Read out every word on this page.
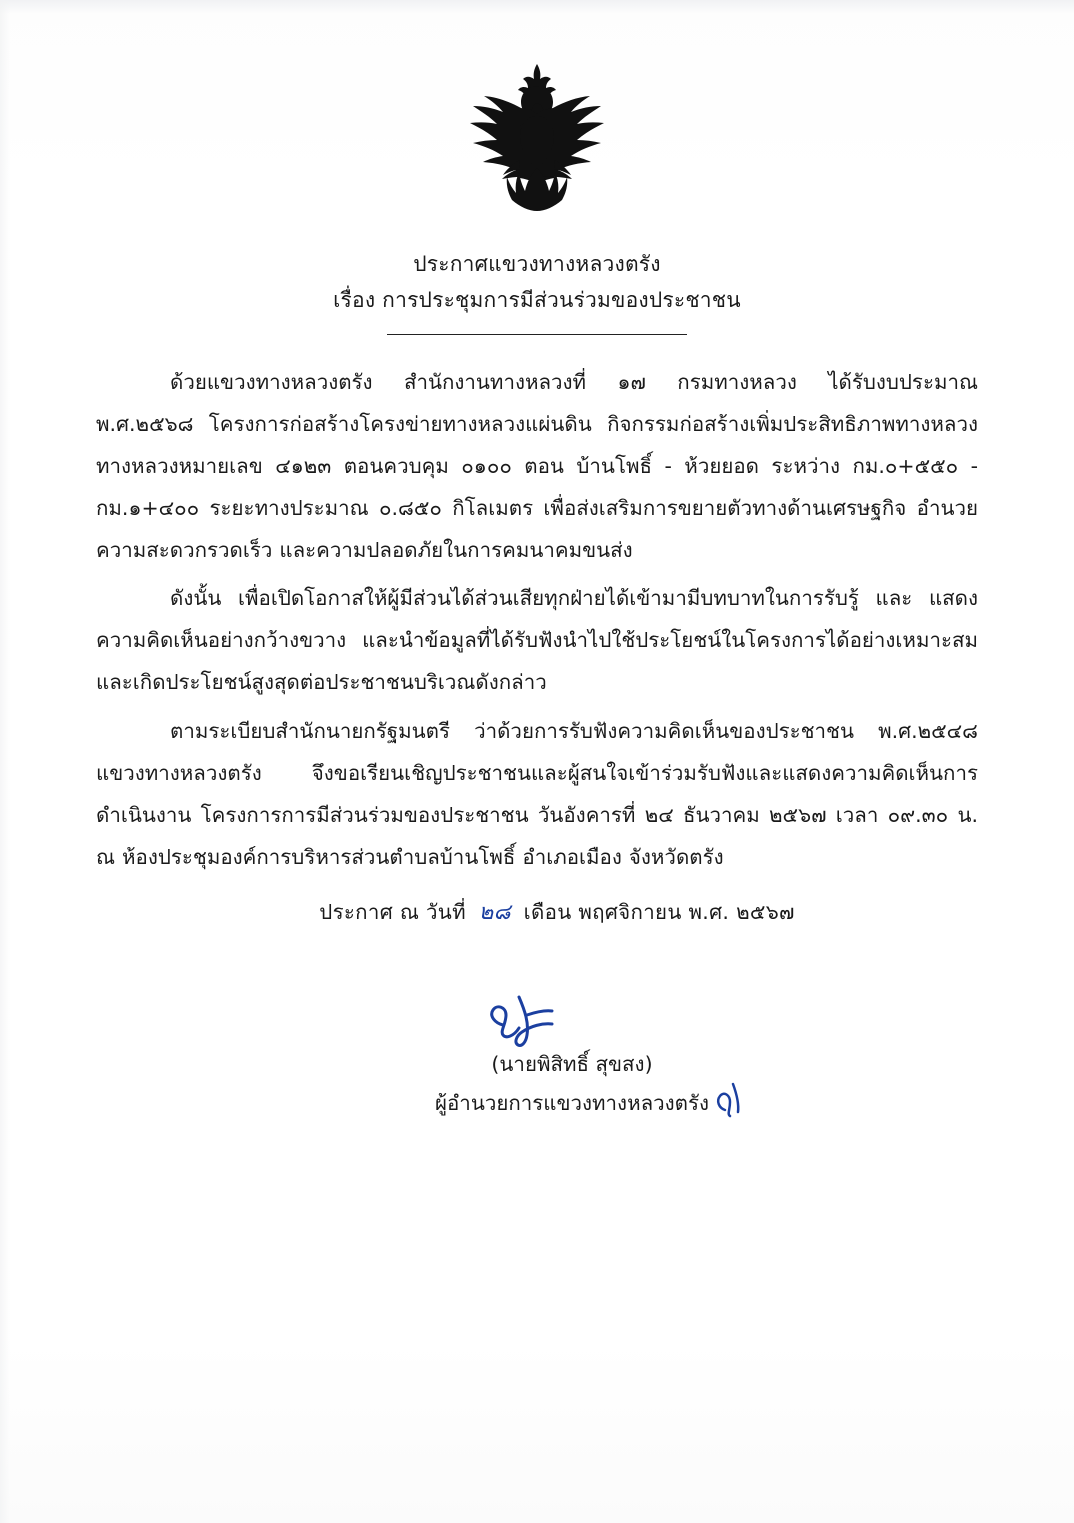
ประกาศแขวงทางหลวงตรัง
เรื่อง การประชุมการมีส่วนร่วมของประชาชน

ด้วยแขวงทางหลวงตรัง สำนักงานทางหลวงที่ ๑๗ กรมทางหลวง ได้รับงบประมาณ พ.ศ.๒๕๖๘ โครงการก่อสร้างโครงข่ายทางหลวงแผ่นดิน กิจกรรมก่อสร้างเพิ่มประสิทธิภาพทางหลวง ทางหลวงหมายเลข ๔๑๒๓ ตอนควบคุม ๐๑๐๐ ตอน บ้านโพธิ์ - ห้วยยอด ระหว่าง กม.๐+๕๕๐ - กม.๑+๔๐๐ ระยะทางประมาณ ๐.๘๕๐ กิโลเมตร เพื่อส่งเสริมการขยายตัวทางด้านเศรษฐกิจ อำนวยความสะดวกรวดเร็ว และความปลอดภัยในการคมนาคมขนส่ง

ดังนั้น เพื่อเปิดโอกาสให้ผู้มีส่วนได้ส่วนเสียทุกฝ่ายได้เข้ามามีบทบาทในการรับรู้ และ แสดงความคิดเห็นอย่างกว้างขวาง และนำข้อมูลที่ได้รับฟังนำไปใช้ประโยชน์ในโครงการได้อย่างเหมาะสม และเกิดประโยชน์สูงสุดต่อประชาชนบริเวณดังกล่าว

ตามระเบียบสำนักนายกรัฐมนตรี ว่าด้วยการรับฟังความคิดเห็นของประชาชน พ.ศ.๒๕๔๘ แขวงทางหลวงตรัง จึงขอเรียนเชิญประชาชนและผู้สนใจเข้าร่วมรับฟังและแสดงความคิดเห็นการดำเนินงาน โครงการการมีส่วนร่วมของประชาชน วันอังคารที่ ๒๔ ธันวาคม ๒๕๖๗ เวลา ๐๙.๓๐ น. ณ ห้องประชุมองค์การบริหารส่วนตำบลบ้านโพธิ์ อำเภอเมือง จังหวัดตรัง

ประกาศ ณ วันที่ ๒๘ เดือน พฤศจิกายน พ.ศ. ๒๕๖๗
(นายพิสิทธิ์ สุขสง)
ผู้อำนวยการแขวงทางหลวงตรัง
